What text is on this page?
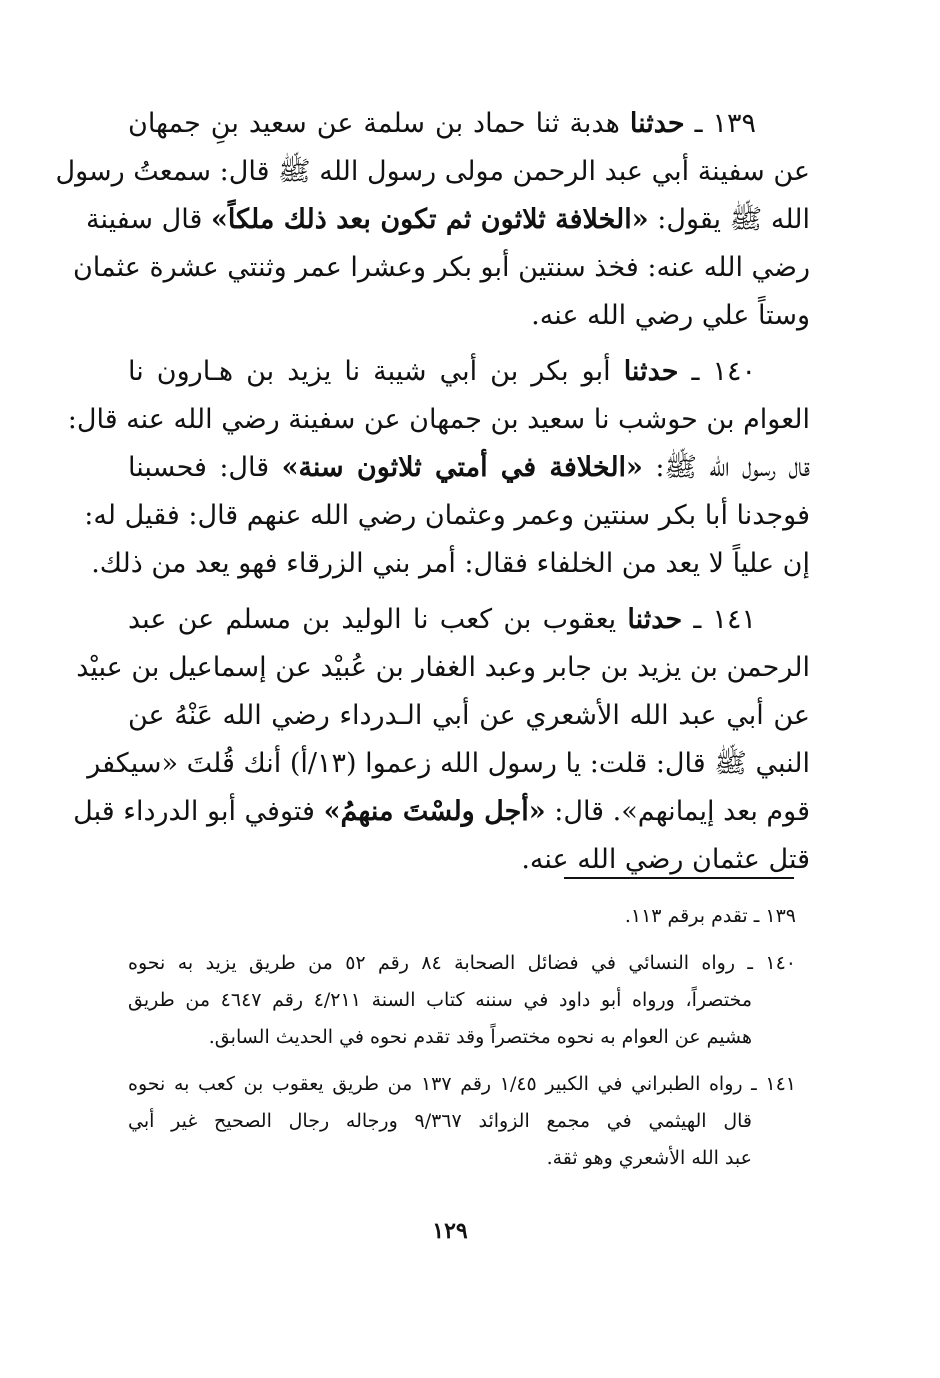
١٣٩ ـ حدثنا هدبة ثنا حماد بن سلمة عن سعيد بنِ جمهان
عن سفينة أبي عبد الرحمن مولى رسول الله ﷺ قال: سمعتُ رسول
الله ﷺ يقول: «الخلافة ثلاثون ثم تكون بعد ذلك ملكاً» قال سفينة
رضي الله عنه: فخذ سنتين أبو بكر وعشرا عمر وثنتي عشرة عثمان
وستاً علي رضي الله عنه.
١٤٠ ـ حدثنا أبو بكر بن أبي شيبة نا يزيد بن هـارون نا
العوام بن حوشب نا سعيد بن جمهان عن سفينة رضي الله عنه قال:
قال رسول الله ﷺ: «الخلافة في أمتي ثلاثون سنة» قال: فحسبنا
فوجدنا أبا بكر سنتين وعمر وعثمان رضي الله عنهم قال: فقيل له:
إن علياً لا يعد من الخلفاء فقال: أمر بني الزرقاء فهو يعد من ذلك.
١٤١ ـ حدثنا يعقوب بن كعب نا الوليد بن مسلم عن عبد
الرحمن بن يزيد بن جابر وعبد الغفار بن عُبيْد عن إسماعيل بن عبيْد
عن أبي عبد الله الأشعري عن أبي الـدرداء رضي الله عَنْهُ عن
النبي ﷺ قال: قلت: يا رسول الله زعموا (١٣/أ) أنك قُلتَ «سيكفر
قوم بعد إيمانهم». قال: «أجل ولسْتَ منهمُ» فتوفي أبو الدرداء قبل
قتل عثمان رضي الله عنه.
١٣٩ ـ تقدم برقم ١١٣.
١٤٠ ـ رواه النسائي في فضائل الصحابة ٨٤ رقم ٥٢ من طريق يزيد به نحوه
مختصراً، ورواه أبو داود في سننه كتاب السنة ٤/٢١١ رقم ٤٦٤٧ من طريق
هشيم عن العوام به نحوه مختصراً وقد تقدم نحوه في الحديث السابق.
١٤١ ـ رواه الطبراني في الكبير ١/٤٥ رقم ١٣٧ من طريق يعقوب بن كعب به نحوه
قال الهيثمي في مجمع الزوائد ٩/٣٦٧ ورجاله رجال الصحيح غير أبي
عبد الله الأشعري وهو ثقة.
١٢٩
